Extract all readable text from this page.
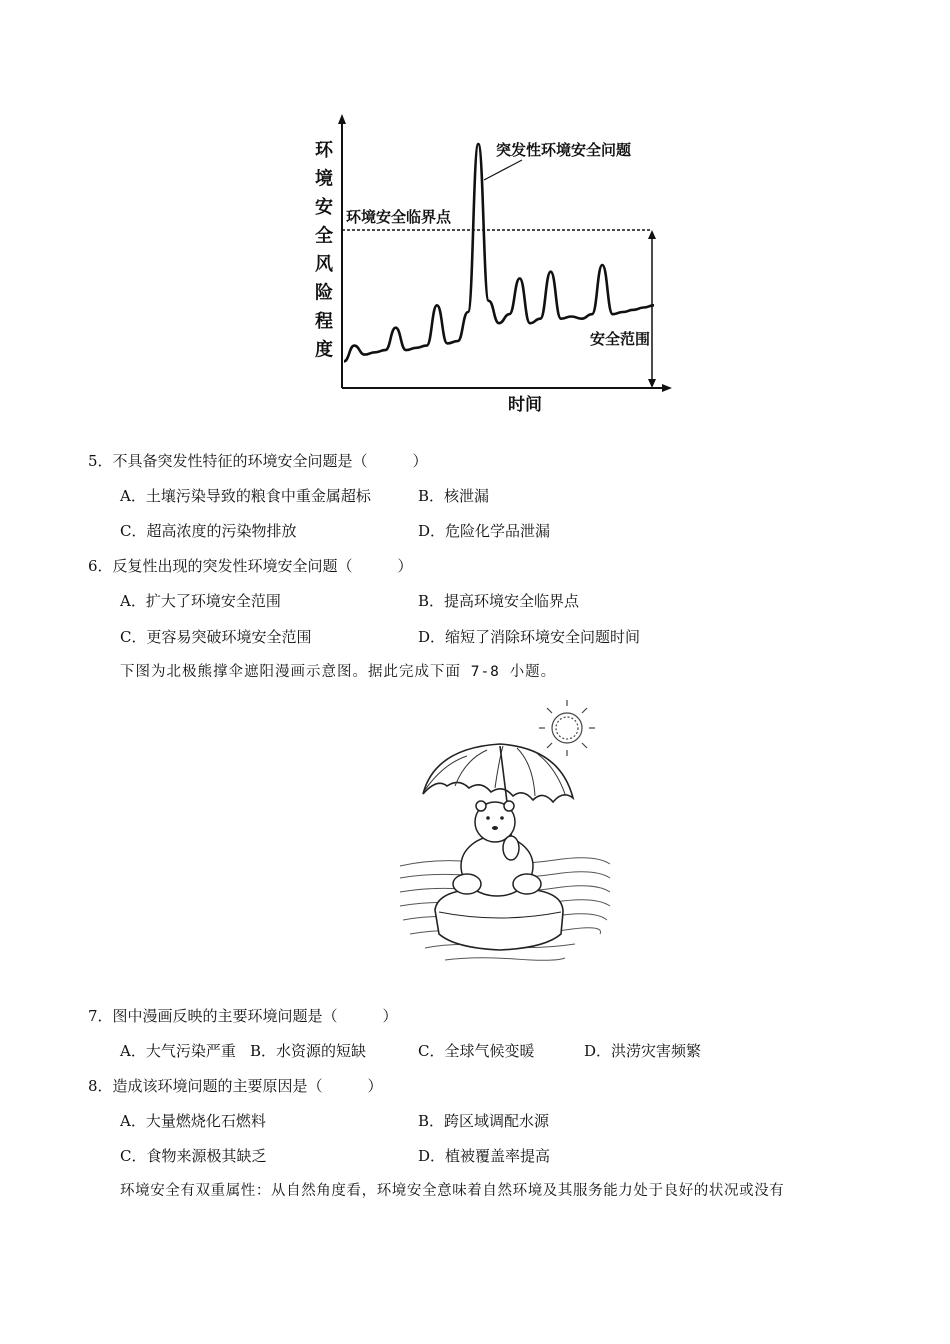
环
境
安
全
风
险
程
度
时间
环境安全临界点
安全范围
突发性环境安全问题
5．不具备突发性特征的环境安全问题是（　　　）
A．土壤污染导致的粮食中重金属超标	B．核泄漏
C．超高浓度的污染物排放	D．危险化学品泄漏
6．反复性出现的突发性环境安全问题（　　　）
A．扩大了环境安全范围	B．提高环境安全临界点
C．更容易突破环境安全范围	D．缩短了消除环境安全问题时间
下图为北极熊撑伞遮阳漫画示意图。据此完成下面 7-8 小题。
7．图中漫画反映的主要环境问题是（　　　）
A．大气污染严重 B．水资源的短缺	C．全球气候变暖	D．洪涝灾害频繁
8．造成该环境问题的主要原因是（　　　）
A．大量燃烧化石燃料	B．跨区域调配水源
C．食物来源极其缺乏	D．植被覆盖率提高
环境安全有双重属性：从自然角度看，环境安全意味着自然环境及其服务能力处于良好的状况或没有
